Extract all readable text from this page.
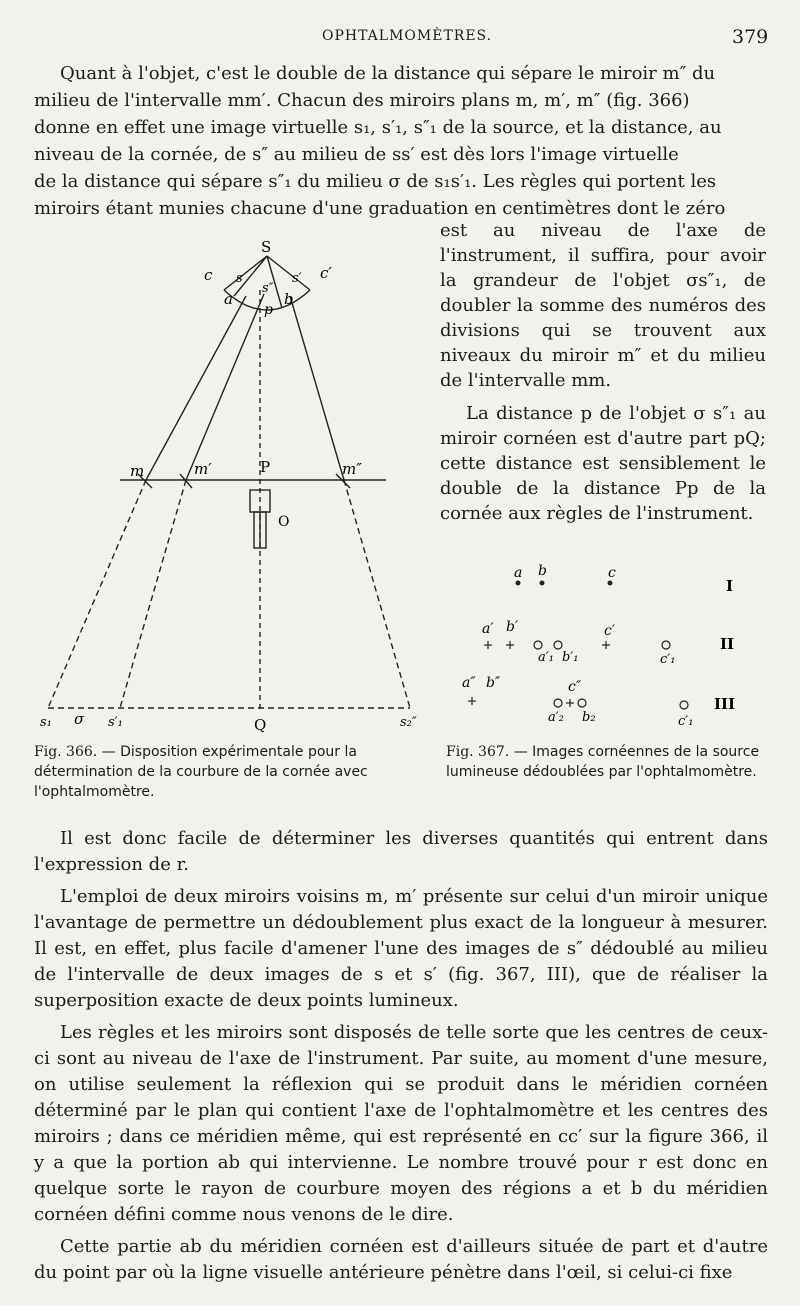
OPHTALMOMÈTRES.	379

Quant à l'objet, c'est le double de la distance qui sépare le miroir m″ du

milieu de l'intervalle mm′. Chacun des miroirs plans m, m′, m″ (fig. 366)

donne en effet une image virtuelle s₁, s′₁, s″₁ de la source, et la distance, au

niveau de la cornée, de s″ au milieu de ss′ est dès lors l'image virtuelle

de la distance qui sépare s″₁ du milieu σ de s₁s′₁. Les règles qui portent les

miroirs étant munies chacune d'une graduation en centimètres dont le zéro

est au niveau de l'axe de l'instrument, il suffira, pour avoir la grandeur de l'objet σs″₁, de doubler la somme des numéros des divisions qui se trouvent aux niveaux du miroir m″ et du milieu de l'intervalle mm.

La distance p de l'objet σ s″₁ au miroir cornéen est d'autre part pQ; cette distance est sensiblement le double de la distance Pp de la cornée aux règles de l'instrument.

S
c	c′
s
s″
s′
a	b
p
m	m′	m″
P
O
Q
s₁ σ s′₁	s₂″
a b	c
I
a′ b′	c′
a′₁ b′₁	c′₁
II
a″ b″	c″
a′₂ b₂	c′₁
III
Fig. 366. — Disposition expérimentale pour la détermination de la courbure de la cornée avec l'ophtalmomètre.
Fig. 367. — Images cornéennes de la source lumineuse dédoublées par l'ophtalmomètre.

Il est donc facile de déterminer les diverses quantités qui entrent dans l'expression de r.

L'emploi de deux miroirs voisins m, m′ présente sur celui d'un miroir unique l'avantage de permettre un dédoublement plus exact de la longueur à mesurer. Il est, en effet, plus facile d'amener l'une des images de s″ dédoublé au milieu de l'intervalle de deux images de s et s′ (fig. 367, III), que de réaliser la superposition exacte de deux points lumineux.

Les règles et les miroirs sont disposés de telle sorte que les centres de ceux-ci sont au niveau de l'axe de l'instrument. Par suite, au moment d'une mesure, on utilise seulement la réflexion qui se produit dans le méridien cornéen déterminé par le plan qui contient l'axe de l'ophtalmomètre et les centres des miroirs ; dans ce méridien même, qui est représenté en cc′ sur la figure 366, il y a que la portion ab qui intervienne. Le nombre trouvé pour r est donc en quelque sorte le rayon de courbure moyen des régions a et b du méridien cornéen défini comme nous venons de le dire.

Cette partie ab du méridien cornéen est d'ailleurs située de part et d'autre du point par où la ligne visuelle antérieure pénètre dans l'œil, si celui-ci fixe
